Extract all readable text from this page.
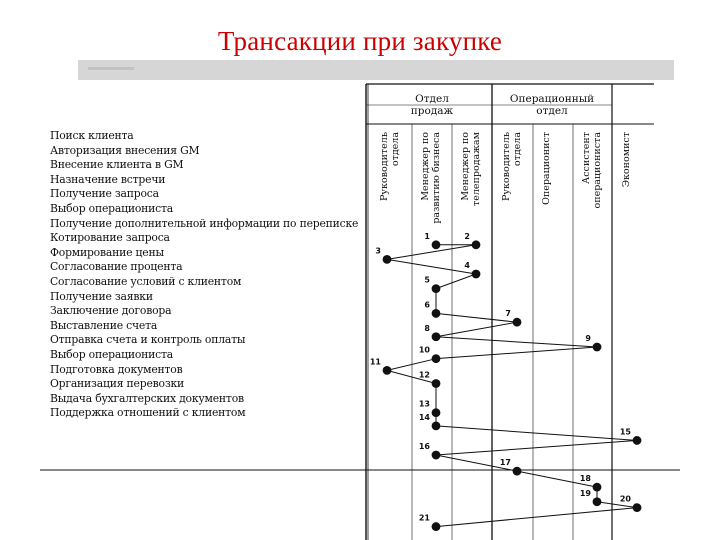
Трансакции при закупке
Поиск клиента
Авторизация внесения GM
Внесение клиента в GM
Назначение встречи
Получение запроса
Выбор операциониста
Получение дополнительной информации по переписке
Котирование запроса
Формирование цены
Согласование процента
Согласование условий с клиентом
Получение заявки
Заключение договора
Выставление счета
Отправка счета и контроль оплаты
Выбор операциониста
Подготовка документов
Организация перевозки
Выдача бухгалтерских документов
Поддержка отношений с клиентом
Отдел
продаж
Операционный
отдел
Руководитель отдела Менеджер по развитию бизнеса Менеджер по телепродажам Руководитель отдела Операционист	Ассистент операциониста Экономист
1	2
3
4
5
6
7
8
9
10
11
12
13
14
15
16
17
18
19
20
21
